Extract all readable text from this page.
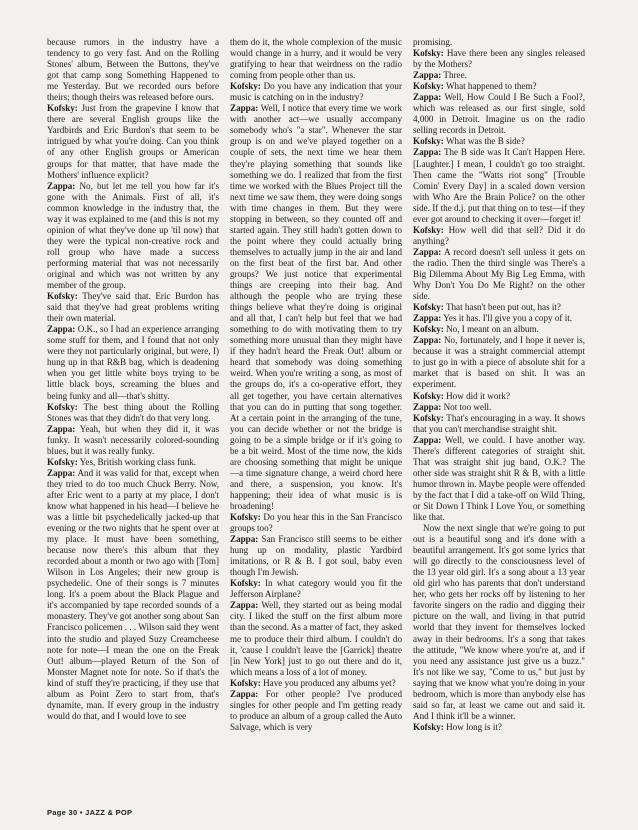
because rumors in the industry have a tendency to go very fast. And on the Rolling Stones' album, Between the Buttons, they've got that camp song Something Happened to me Yesterday. But we recorded ours before theirs; though theirs was released before ours.

Kofsky: Just from the grapevine I know that there are several English groups like the Yardbirds and Eric Burdon's that seem to be intrigued by what you're doing. Can you think of any other English groups or American groups for that matter, that have made the Mothers' influence explicit?

Zappa: No, but let me tell you how far it's gone with the Animals. First of all, it's common knowledge in the industry that, the way it was explained to me (and this is not my opinion of what they've done up 'til now) that they were the typical non-creative rock and roll group who have made a success performing material that was not necessarily original and which was not written by any member of the group.

Kofsky: They've said that. Eric Burdon has said that they've had great problems writing their own material.

Zappa: O.K., so I had an experience arranging some stuff for them, and I found that not only were they not particularly original, but were, I) hung up in that R&B bag, which is deadening when you get little white boys trying to be little black boys, screaming the blues and being funky and all—that's shitty.

Kofsky: The best thing about the Rolling Stones was that they didn't do that very long.

Zappa: Yeah, but when they did it, it was funky. It wasn't necessarily colored-sounding blues, but it was really funky.

Kofsky: Yes, British working class funk.

Zappa: And it was valid for that, except when they tried to do too much Chuck Berry. Now, after Eric went to a party at my place, I don't know what happened in his head—I believe he was a little bit psychedelically jacked-up that evening or the two nights that he spent over at my place. It must have been something, because now there's this album that they recorded about a month or two ago with [Tom] Wilson in Los Angeles; their new group is psychedelic. One of their songs is 7 minutes long. It's a poem about the Black Plague and it's accompanied by tape recorded sounds of a monastery. They've got another song about San Francisco policemen . . . Wilson said they went into the studio and played Suzy Creamcheese note for note—I mean the one on the Freak Out! album—played Return of the Son of Monster Magnet note for note. So if that's the kind of stuff they're practicing, if they use that album as Point Zero to start from, that's dynamite, man. If every group in the industry would do that, and I would love to see

them do it, the whole complexion of the music would change in a hurry, and it would be very gratifying to hear that weirdness on the radio coming from people other than us.

Kofsky: Do you have any indication that your music is catching on in the industry?

Zappa: Well, I notice that every time we work with another act—we usually accompany somebody who's "a star". Whenever the star group is on and we've played together on a couple of sets, the next time we hear them they're playing something that sounds like something we do. I realized that from the first time we worked with the Blues Project till the next time we saw them, they were doing songs with time changes in them. But they were stopping in between, so they counted off and started again. They still hadn't gotten down to the point where they could actually bring themselves to actually jump in the air and land on the first beat of the first bar. And other groups? We just notice that experimental things are creeping into their bag. And although the people who are trying these things believe what they're doing is original and all that, I can't help but feel that we had something to do with motivating them to try something more unusual than they might have if they hadn't heard the Freak Out! album or heard that somebody was doing something weird. When you're writing a song, as most of the groups do, it's a co-operative effort, they all get together, you have certain alternatives that you can do in putting that song together. At a certain point in the arranging of the tune, you can decide whether or not the bridge is going to be a simple bridge or if it's going to be a bit weird. Most of the time now, the kids are choosing something that might be unique—a time signature change, a weird chord here and there, a suspension, you know. It's happening; their idea of what music is is broadening!

Kofsky: Do you hear this in the San Francisco groups too?

Zappa: San Francisco still seems to be either hung up on modality, plastic Yardbird imitations, or R & B. I got soul, baby even though I'm Jewish.

Kofsky: In what category would you fit the Jefferson Airplane?

Zappa: Well, they started out as being modal city. I liked the stuff on the first album more than the second. As a matter of fact, they asked me to produce their third album. I couldn't do it, 'cause I couldn't leave the [Garrick] theatre [in New York] just to go out there and do it, which means a loss of a lot of money.

Kofsky: Have you produced any albums yet?

Zappa: For other people? I've produced singles for other people and I'm getting ready to produce an album of a group called the Auto Salvage, which is very

promising.

Kofsky: Have there been any singles released by the Mothers?

Zappa: Three.

Kofsky: What happened to them?

Zappa: Well, How Could I Be Such a Fool?, which was released as our first single, sold 4,000 in Detroit. Imagine us on the radio selling records in Detroit.

Kofsky: What was the B side?

Zappa: The B side was It Can't Happen Here. [Laughter.] I mean, I couldn't go too straight. Then came the "Watts riot song" [Trouble Comin' Every Day] in a scaled down version with Who Are the Brain Police? on the other side. If the d.j. put that thing on to test—if they ever got around to checking it over—forget it!

Kofsky: How well did that sell? Did it do anything?

Zappa: A record doesn't sell unless it gets on the radio. Then the third single was There's a Big Dilemma About My Big Leg Emma, with Why Don't You Do Me Right? on the other side.

Kofsky: That hasn't been put out, has it?

Zappa: Yes it has. I'll give you a copy of it.

Kofsky: No, I meant on an album.

Zappa: No, fortunately, and I hope it never is, because it was a straight commercial attempt to just go in with a piece of absolute shit for a market that is based on shit. It was an experiment.

Kofsky: How did it work?

Zappa: Not too well.

Kofsky: That's encouraging in a way. It shows that you can't merchandise straight shit.

Zappa: Well, we could. I have another way. There's different categories of straight shit. That was straight shit jug band, O.K.? The other side was straight shit R & B, with a little humor thrown in. Maybe people were offended by the fact that I did a take-off on Wild Thing, or Sit Down I Think I Love You, or something like that.

Now the next single that we're going to put out is a beautiful song and it's done with a beautiful arrangement. It's got some lyrics that will go directly to the consciousness level of the 13 year old girl. It's a song about a 13 year old girl who has parents that don't understand her, who gets her rocks off by listening to her favorite singers on the radio and digging their picture on the wall, and living in that putrid world that they invent for themselves locked away in their bedrooms. It's a song that takes the attitude, "We know where you're at, and if you need any assistance just give us a buzz." It's not like we say, "Come to us," but just by saying that we know what you're doing in your bedroom, which is more than anybody else has said so far, at least we came out and said it. And I think it'll be a winner.

Kofsky: How long is it?

Page 30 • JAZZ & POP
